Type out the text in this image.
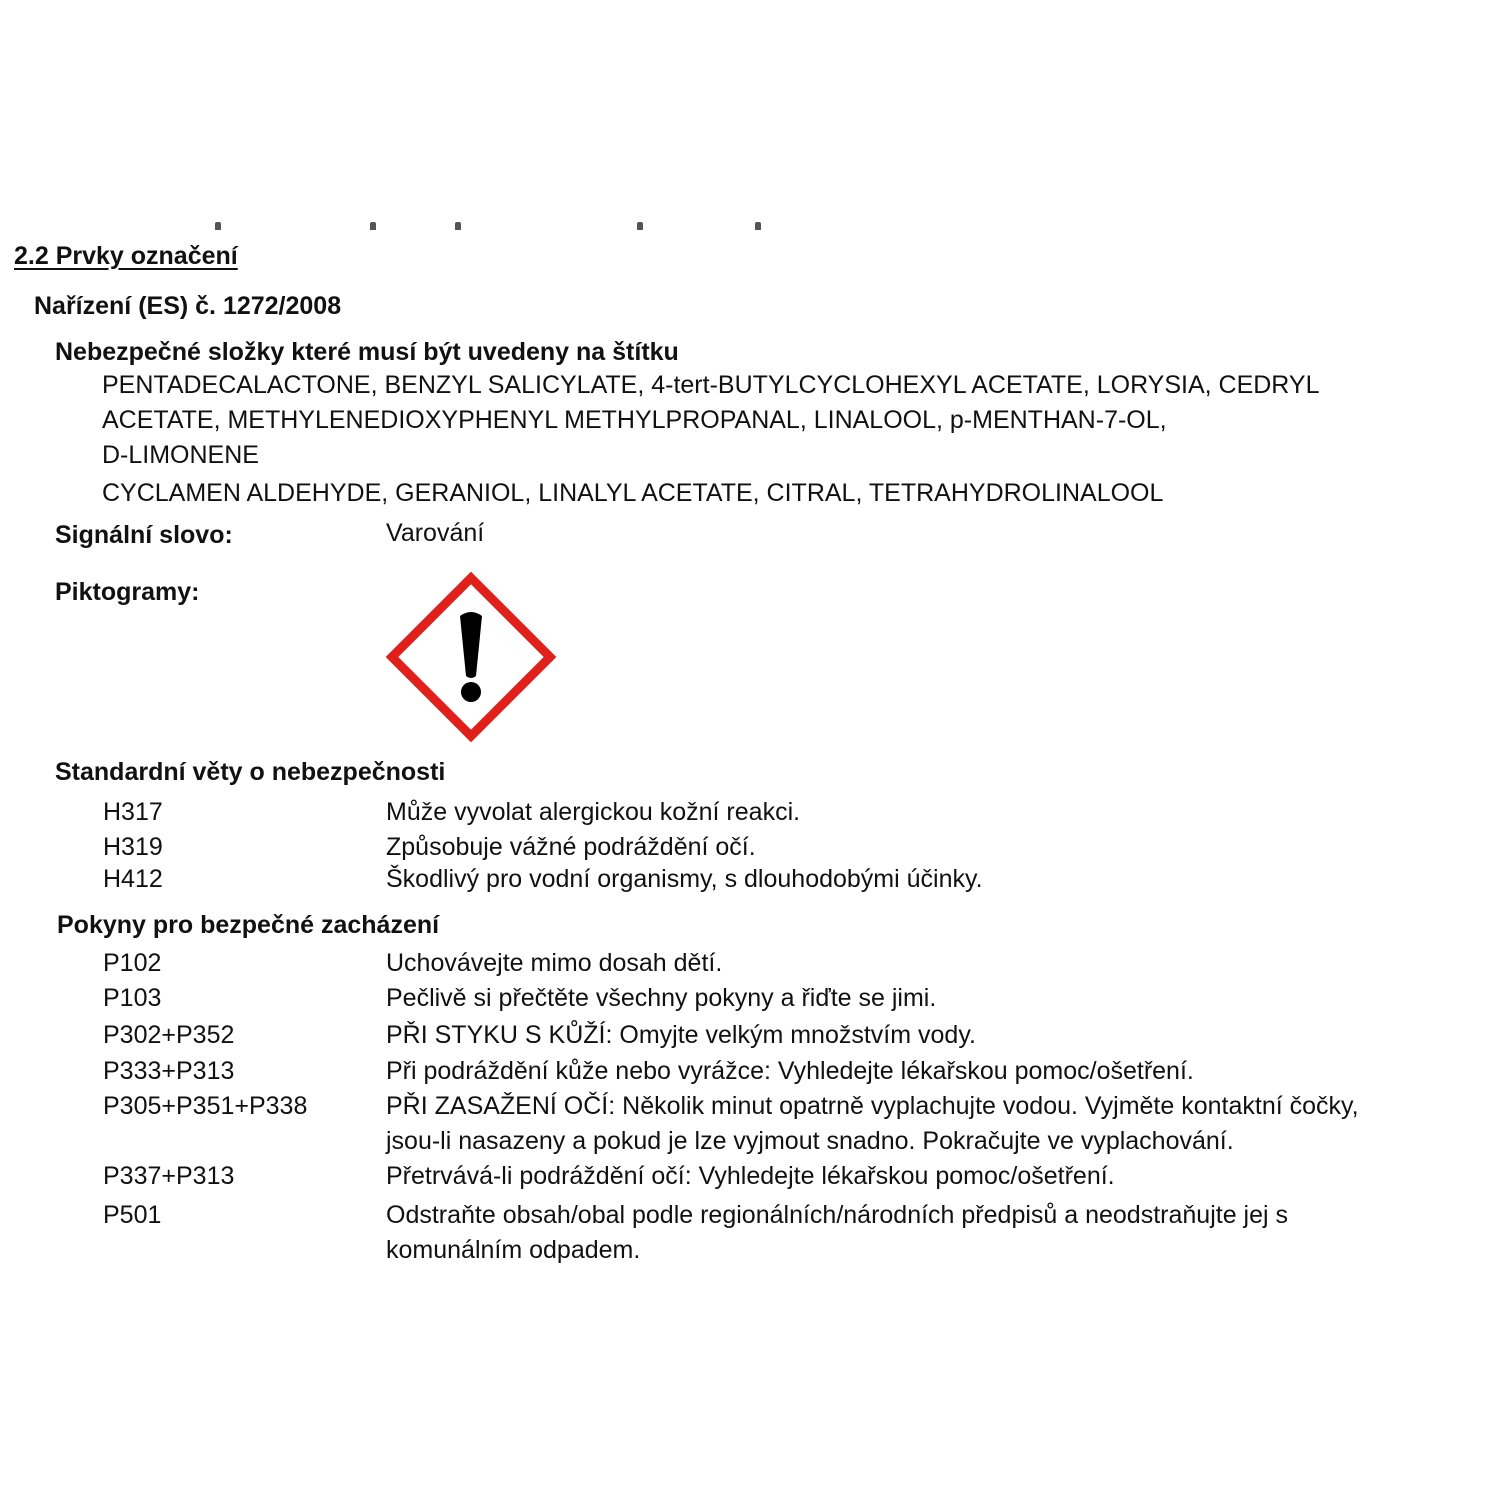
2.2 Prvky označení
Nařízení (ES) č. 1272/2008
Nebezpečné složky které musí být uvedeny na štítku
PENTADECALACTONE, BENZYL SALICYLATE, 4-tert-BUTYLCYCLOHEXYL ACETATE, LORYSIA, CEDRYL
ACETATE, METHYLENEDIOXYPHENYL METHYLPROPANAL, LINALOOL, p-MENTHAN-7-OL,
D-LIMONENE
CYCLAMEN ALDEHYDE, GERANIOL, LINALYL ACETATE, CITRAL, TETRAHYDROLINALOOL
Signální slovo:	Varování
Piktogramy:
Standardní věty o nebezpečnosti
H317	Může vyvolat alergickou kožní reakci.
H319	Způsobuje vážné podráždění očí.
H412	Škodlivý pro vodní organismy, s dlouhodobými účinky.
Pokyny pro bezpečné zacházení
P102	Uchovávejte mimo dosah dětí.
P103	Pečlivě si přečtěte všechny pokyny a řiďte se jimi.
P302+P352	PŘI STYKU S KŮŽÍ: Omyjte velkým množstvím vody.
P333+P313	Při podráždění kůže nebo vyrážce: Vyhledejte lékařskou pomoc/ošetření.
P305+P351+P338	PŘI ZASAŽENÍ OČÍ: Několik minut opatrně vyplachujte vodou. Vyjměte kontaktní čočky,
jsou-li nasazeny a pokud je lze vyjmout snadno. Pokračujte ve vyplachování.
P337+P313	Přetrvává-li podráždění očí: Vyhledejte lékařskou pomoc/ošetření.
P501	Odstraňte obsah/obal podle regionálních/národních předpisů a neodstraňujte jej s
komunálním odpadem.
